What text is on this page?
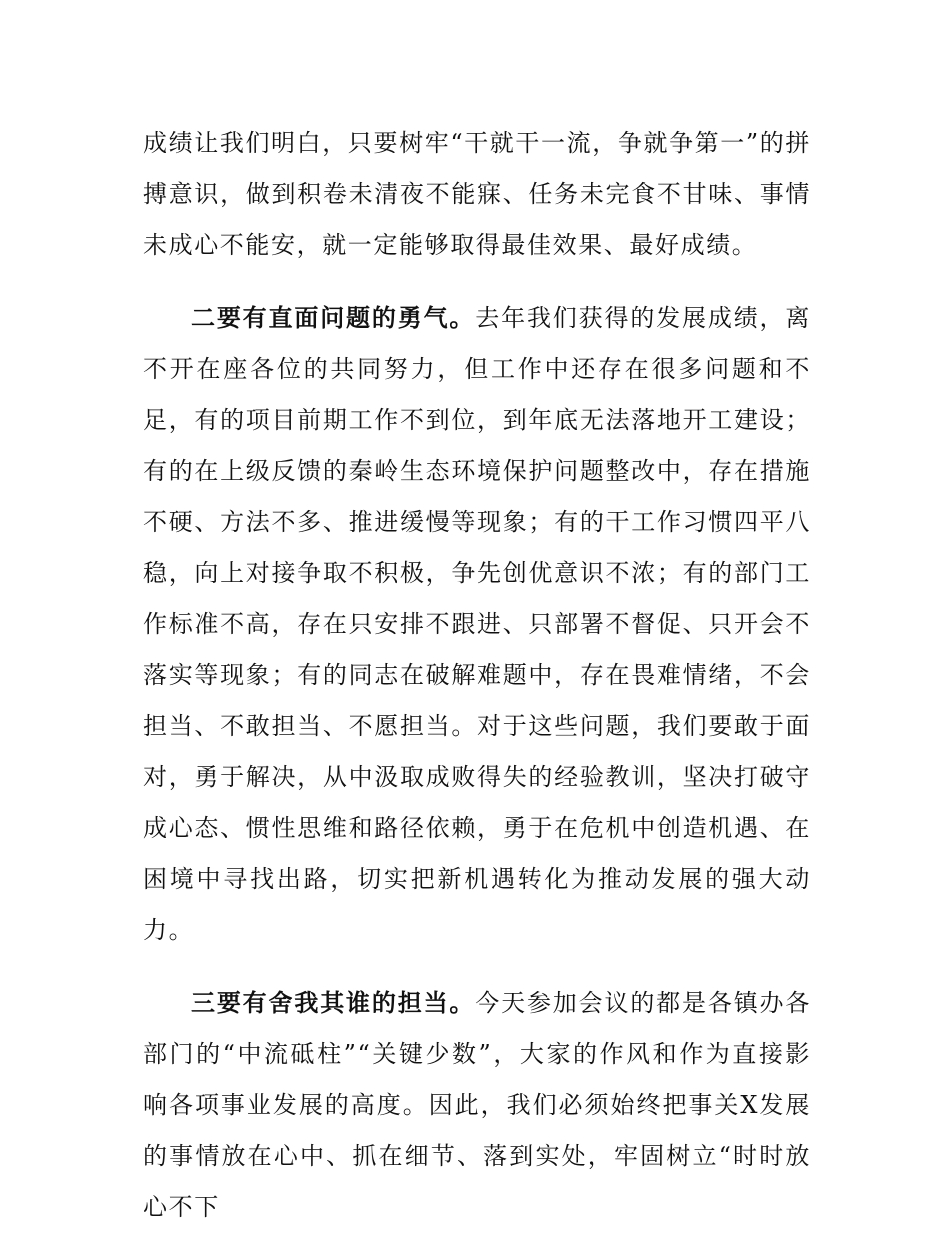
成绩让我们明白，只要树牢“干就干一流，争就争第一”的拼搏意识，做到积卷未清夜不能寐、任务未完食不甘味、事情未成心不能安，就一定能够取得最佳效果、最好成绩。

二要有直面问题的勇气。去年我们获得的发展成绩，离不开在座各位的共同努力，但工作中还存在很多问题和不足，有的项目前期工作不到位，到年底无法落地开工建设；有的在上级反馈的秦岭生态环境保护问题整改中，存在措施不硬、方法不多、推进缓慢等现象；有的干工作习惯四平八稳，向上对接争取不积极，争先创优意识不浓；有的部门工作标准不高，存在只安排不跟进、只部署不督促、只开会不落实等现象；有的同志在破解难题中，存在畏难情绪，不会担当、不敢担当、不愿担当。对于这些问题，我们要敢于面对，勇于解决，从中汲取成败得失的经验教训，坚决打破守成心态、惯性思维和路径依赖，勇于在危机中创造机遇、在困境中寻找出路，切实把新机遇转化为推动发展的强大动力。

三要有舍我其谁的担当。今天参加会议的都是各镇办各部门的“中流砥柱”“关键少数”，大家的作风和作为直接影响各项事业发展的高度。因此，我们必须始终把事关X发展的事情放在心中、抓在细节、落到实处，牢固树立“时时放心不下
